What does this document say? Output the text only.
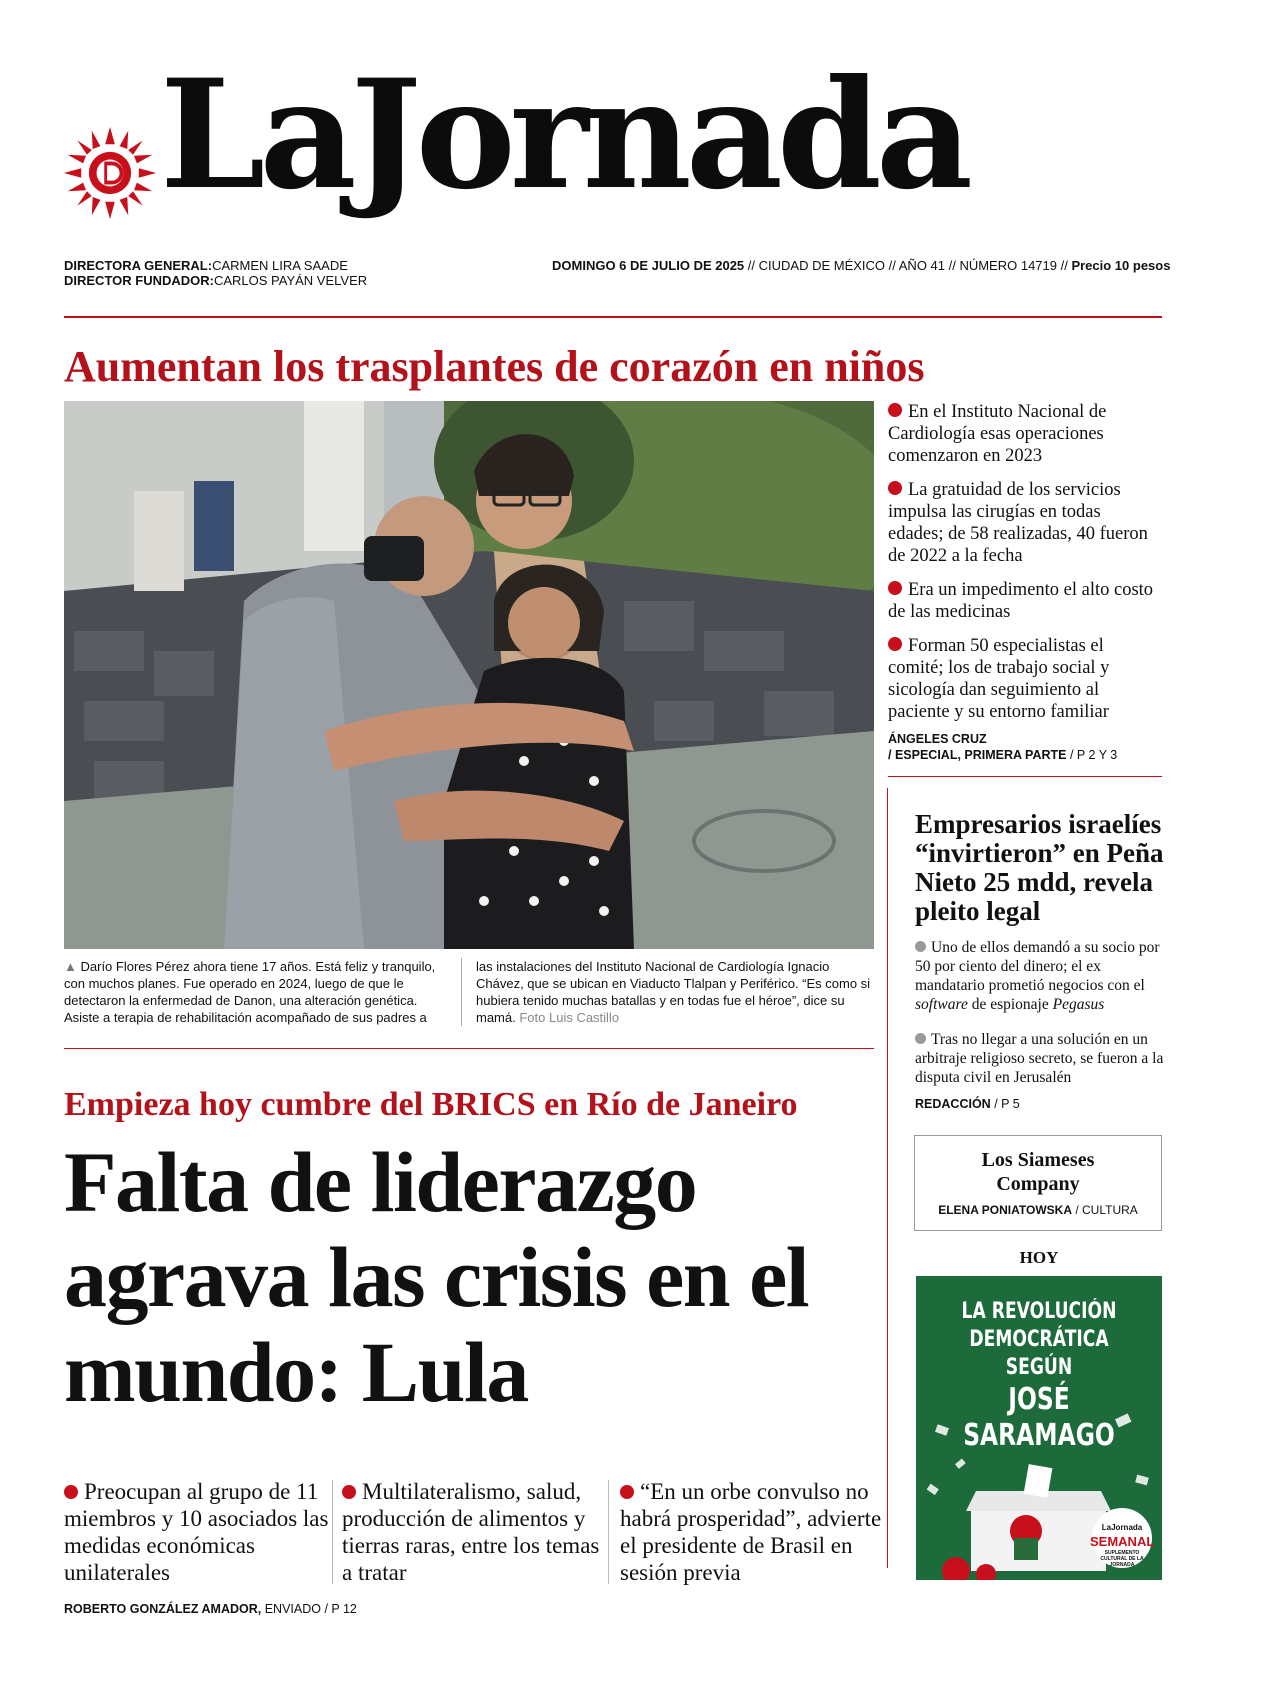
LaJornada
DIRECTORA GENERAL:CARMEN LIRA SAADE
DIRECTOR FUNDADOR:CARLOS PAYÁN VELVER
DOMINGO 6 DE JULIO DE 2025 // CIUDAD DE MÉXICO // AÑO 41 // NÚMERO 14719 // Precio 10 pesos
Aumentan los trasplantes de corazón en niños
En el Instituto Nacional de Cardiología esas operaciones comenzaron en 2023
La gratuidad de los servicios impulsa las cirugías en todas edades; de 58 realizadas, 40 fueron de 2022 a la fecha
Era un impedimento el alto costo de las medicinas
Forman 50 especialistas el comité; los de trabajo social y sicología dan seguimiento al paciente y su entorno familiar
ÁNGELES CRUZ
/ ESPECIAL, PRIMERA PARTE / P 2 Y 3
▲ Darío Flores Pérez ahora tiene 17 años. Está feliz y tranquilo, con muchos planes. Fue operado en 2024, luego de que le detectaron la enfermedad de Danon, una alteración genética. Asiste a terapia de rehabilitación acompañado de sus padres a
las instalaciones del Instituto Nacional de Cardiología Ignacio Chávez, que se ubican en Viaducto Tlalpan y Periférico. “Es como si hubiera tenido muchas batallas y en todas fue el héroe”, dice su mamá. Foto Luis Castillo
Empresarios israelíes “invirtieron” en Peña Nieto 25 mdd, revela pleito legal
Uno de ellos demandó a su socio por 50 por ciento del dinero; el ex mandatario prometió negocios con el software de espionaje Pegasus
Tras no llegar a una solución en un arbitraje religioso secreto, se fueron a la disputa civil en Jerusalén
REDACCIÓN / P 5
Los Siameses Company
ELENA PONIATOWSKA / CULTURA
HOY
LA REVOLUCIÓN
DEMOCRÁTICA SEGÚN
JOSÉ SARAMAGO
LaJornada
SEMANAL
SUPLEMENTO CULTURAL DE LA JORNADA
Empieza hoy cumbre del BRICS en Río de Janeiro
Falta de liderazgo agrava las crisis en el mundo: Lula
Preocupan al grupo de 11 miembros y 10 asociados las medidas económicas unilaterales
Multilateralismo, salud, producción de alimentos y tierras raras, entre los temas a tratar
“En un orbe convulso no habrá prosperidad”, advierte el presidente de Brasil en sesión previa
ROBERTO GONZÁLEZ AMADOR, ENVIADO / P 12
